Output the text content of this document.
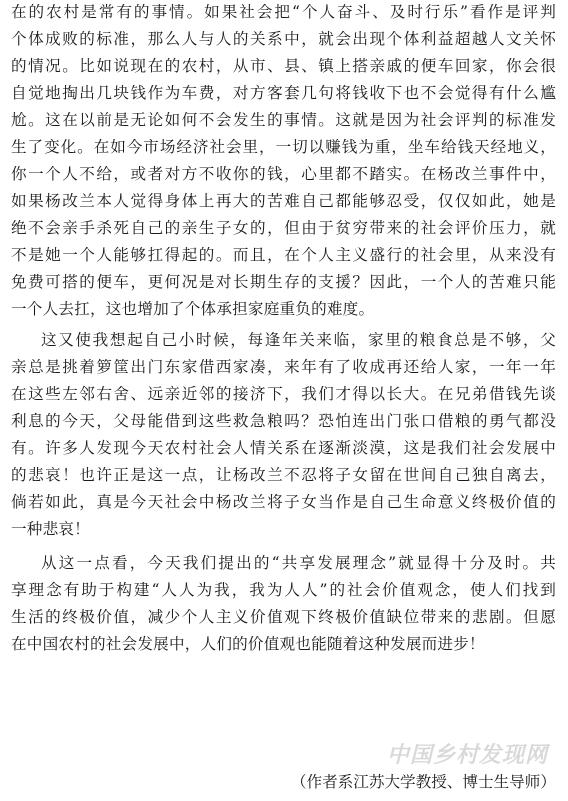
在的农村是常有的事情。如果社会把“个人奋斗、及时行乐”看作是评判
个体成败的标准，那么人与人的关系中，就会出现个体利益超越人文关怀
的情况。比如说现在的农村，从市、县、镇上搭亲戚的便车回家，你会很
自觉地掏出几块钱作为车费，对方客套几句将钱收下也不会觉得有什么尴
尬。这在以前是无论如何不会发生的事情。这就是因为社会评判的标准发
生了变化。在如今市场经济社会里，一切以赚钱为重，坐车给钱天经地义，
你一个人不给，或者对方不收你的钱，心里都不踏实。在杨改兰事件中，
如果杨改兰本人觉得身体上再大的苦难自己都能够忍受，仅仅如此，她是
绝不会亲手杀死自己的亲生子女的，但由于贫穷带来的社会评价压力，就
不是她一个人能够扛得起的。而且，在个人主义盛行的社会里，从来没有
免费可搭的便车，更何况是对长期生存的支援？因此，一个人的苦难只能
一个人去扛，这也增加了个体承担家庭重负的难度。
这又使我想起自己小时候，每逢年关来临，家里的粮食总是不够，父
亲总是挑着箩筐出门东家借西家凑，来年有了收成再还给人家，一年一年
在这些左邻右舍、远亲近邻的接济下，我们才得以长大。在兄弟借钱先谈
利息的今天，父母能借到这些救急粮吗？恐怕连出门张口借粮的勇气都没
有。许多人发现今天农村社会人情关系在逐渐淡漠，这是我们社会发展中
的悲哀！也许正是这一点，让杨改兰不忍将子女留在世间自己独自离去，
倘若如此，真是今天社会中杨改兰将子女当作是自己生命意义终极价值的
一种悲哀！
从这一点看，今天我们提出的“共享发展理念”就显得十分及时。共
享理念有助于构建“人人为我，我为人人”的社会价值观念，使人们找到
生活的终极价值，减少个人主义价值观下终极价值缺位带来的悲剧。但愿
在中国农村的社会发展中，人们的价值观也能随着这种发展而进步！
中国乡村发现网
（作者系江苏大学教授、博士生导师）
